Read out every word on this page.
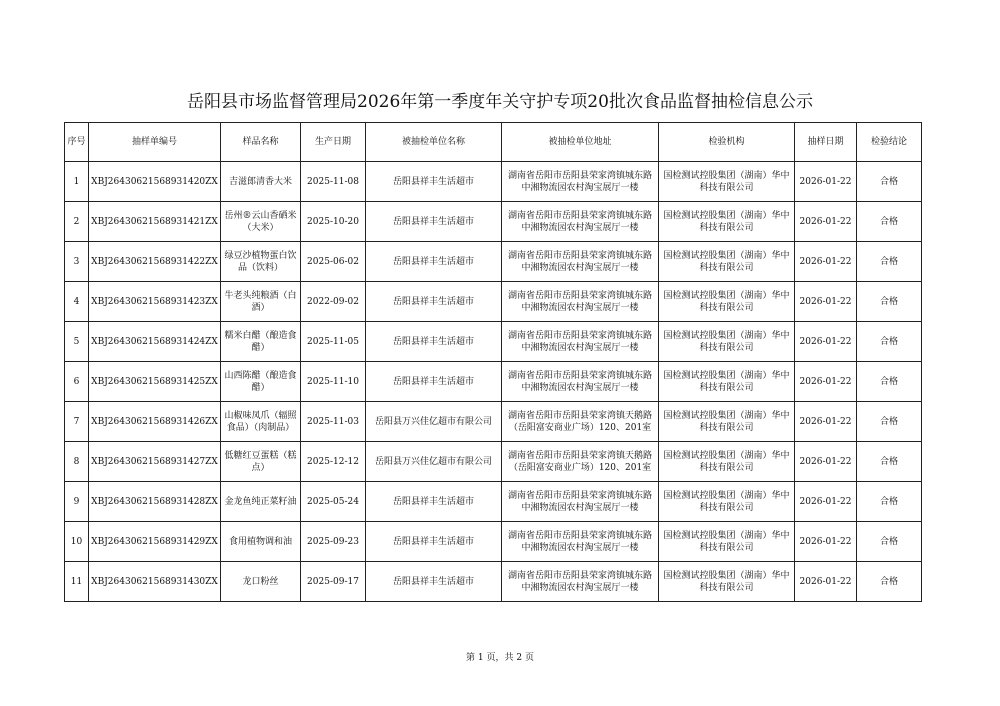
岳阳县市场监督管理局2026年第一季度年关守护专项20批次食品监督抽检信息公示
序号	抽样单编号	样品名称	生产日期	被抽检单位名称	被抽检单位地址	检验机构	抽样日期	检验结论
1	XBJ26430621568931420ZX	吉滋郎清香大米	2025-11-08	岳阳县祥丰生活超市	湖南省岳阳市岳阳县荣家湾镇城东路中湘物流园农村淘宝展厅一楼	国检测试控股集团（湖南）华中科技有限公司	2026-01-22	合格
2	XBJ26430621568931421ZX	岳州®云山香硒米（大米）	2025-10-20	岳阳县祥丰生活超市	湖南省岳阳市岳阳县荣家湾镇城东路中湘物流园农村淘宝展厅一楼	国检测试控股集团（湖南）华中科技有限公司	2026-01-22	合格
3	XBJ26430621568931422ZX	绿豆沙植物蛋白饮品（饮料）	2025-06-02	岳阳县祥丰生活超市	湖南省岳阳市岳阳县荣家湾镇城东路中湘物流园农村淘宝展厅一楼	国检测试控股集团（湖南）华中科技有限公司	2026-01-22	合格
4	XBJ26430621568931423ZX	牛老头纯粮酒（白酒）	2022-09-02	岳阳县祥丰生活超市	湖南省岳阳市岳阳县荣家湾镇城东路中湘物流园农村淘宝展厅一楼	国检测试控股集团（湖南）华中科技有限公司	2026-01-22	合格
5	XBJ26430621568931424ZX	糯米白醋（酿造食醋）	2025-11-05	岳阳县祥丰生活超市	湖南省岳阳市岳阳县荣家湾镇城东路中湘物流园农村淘宝展厅一楼	国检测试控股集团（湖南）华中科技有限公司	2026-01-22	合格
6	XBJ26430621568931425ZX	山西陈醋（酿造食醋）	2025-11-10	岳阳县祥丰生活超市	湖南省岳阳市岳阳县荣家湾镇城东路中湘物流园农村淘宝展厅一楼	国检测试控股集团（湖南）华中科技有限公司	2026-01-22	合格
7	XBJ26430621568931426ZX	山椒味凤爪（辐照食品）（肉制品）	2025-11-03	岳阳县万兴佳亿超市有限公司	湖南省岳阳市岳阳县荣家湾镇天鹅路（岳阳富安商业广场）120、201室	国检测试控股集团（湖南）华中科技有限公司	2026-01-22	合格
8	XBJ26430621568931427ZX	低糖红豆蛋糕（糕点）	2025-12-12	岳阳县万兴佳亿超市有限公司	湖南省岳阳市岳阳县荣家湾镇天鹅路（岳阳富安商业广场）120、201室	国检测试控股集团（湖南）华中科技有限公司	2026-01-22	合格
9	XBJ26430621568931428ZX	金龙鱼纯正菜籽油	2025-05-24	岳阳县祥丰生活超市	湖南省岳阳市岳阳县荣家湾镇城东路中湘物流园农村淘宝展厅一楼	国检测试控股集团（湖南）华中科技有限公司	2026-01-22	合格
10	XBJ26430621568931429ZX	食用植物调和油	2025-09-23	岳阳县祥丰生活超市	湖南省岳阳市岳阳县荣家湾镇城东路中湘物流园农村淘宝展厅一楼	国检测试控股集团（湖南）华中科技有限公司	2026-01-22	合格
11	XBJ26430621568931430ZX	龙口粉丝	2025-09-17	岳阳县祥丰生活超市	湖南省岳阳市岳阳县荣家湾镇城东路中湘物流园农村淘宝展厅一楼	国检测试控股集团（湖南）华中科技有限公司	2026-01-22	合格
第 1 页，共 2 页
